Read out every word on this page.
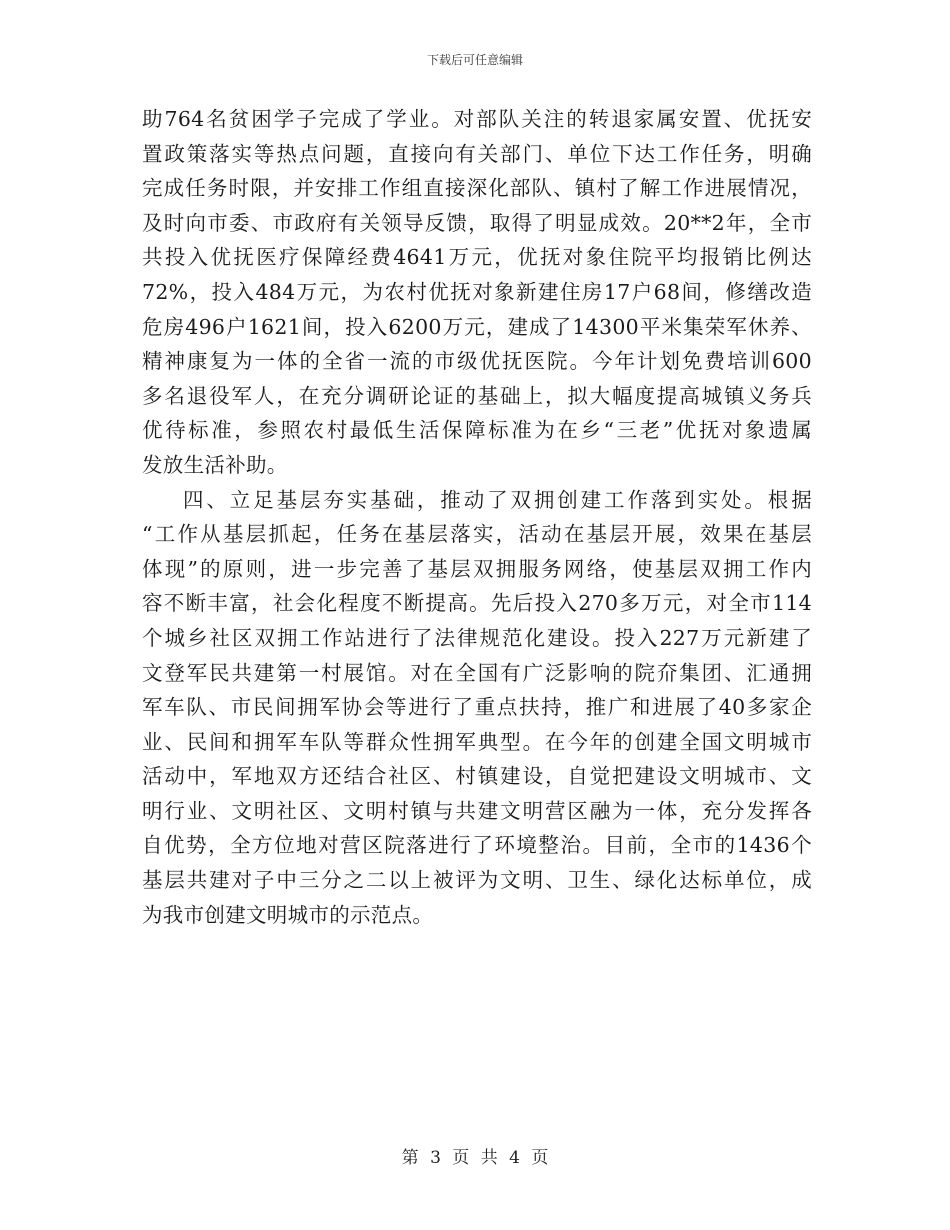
下载后可任意编辑
助764名贫困学子完成了学业。对部队关注的转退家属安置、优抚安
置政策落实等热点问题，直接向有关部门、单位下达工作任务，明确
完成任务时限，并安排工作组直接深化部队、镇村了解工作进展情况，
及时向市委、市政府有关领导反馈，取得了明显成效。20**2年，全市
共投入优抚医疗保障经费4641万元，优抚对象住院平均报销比例达
72%，投入484万元，为农村优抚对象新建住房17户68间，修缮改造
危房496户1621间，投入6200万元，建成了14300平米集荣军休养、
精神康复为一体的全省一流的市级优抚医院。今年计划免费培训600
多名退役军人，在充分调研论证的基础上，拟大幅度提高城镇义务兵
优待标准，参照农村最低生活保障标准为在乡“三老”优抚对象遗属
发放生活补助。
四、立足基层夯实基础，推动了双拥创建工作落到实处。根据
“工作从基层抓起，任务在基层落实，活动在基层开展，效果在基层
体现”的原则，进一步完善了基层双拥服务网络，使基层双拥工作内
容不断丰富，社会化程度不断提高。先后投入270多万元，对全市114
个城乡社区双拥工作站进行了法律规范化建设。投入227万元新建了
文登军民共建第一村展馆。对在全国有广泛影响的院夼集团、汇通拥
军车队、市民间拥军协会等进行了重点扶持，推广和进展了40多家企
业、民间和拥军车队等群众性拥军典型。在今年的创建全国文明城市
活动中，军地双方还结合社区、村镇建设，自觉把建设文明城市、文
明行业、文明社区、文明村镇与共建文明营区融为一体，充分发挥各
自优势，全方位地对营区院落进行了环境整治。目前，全市的1436个
基层共建对子中三分之二以上被评为文明、卫生、绿化达标单位，成
为我市创建文明城市的示范点。
第 3 页 共 4 页
